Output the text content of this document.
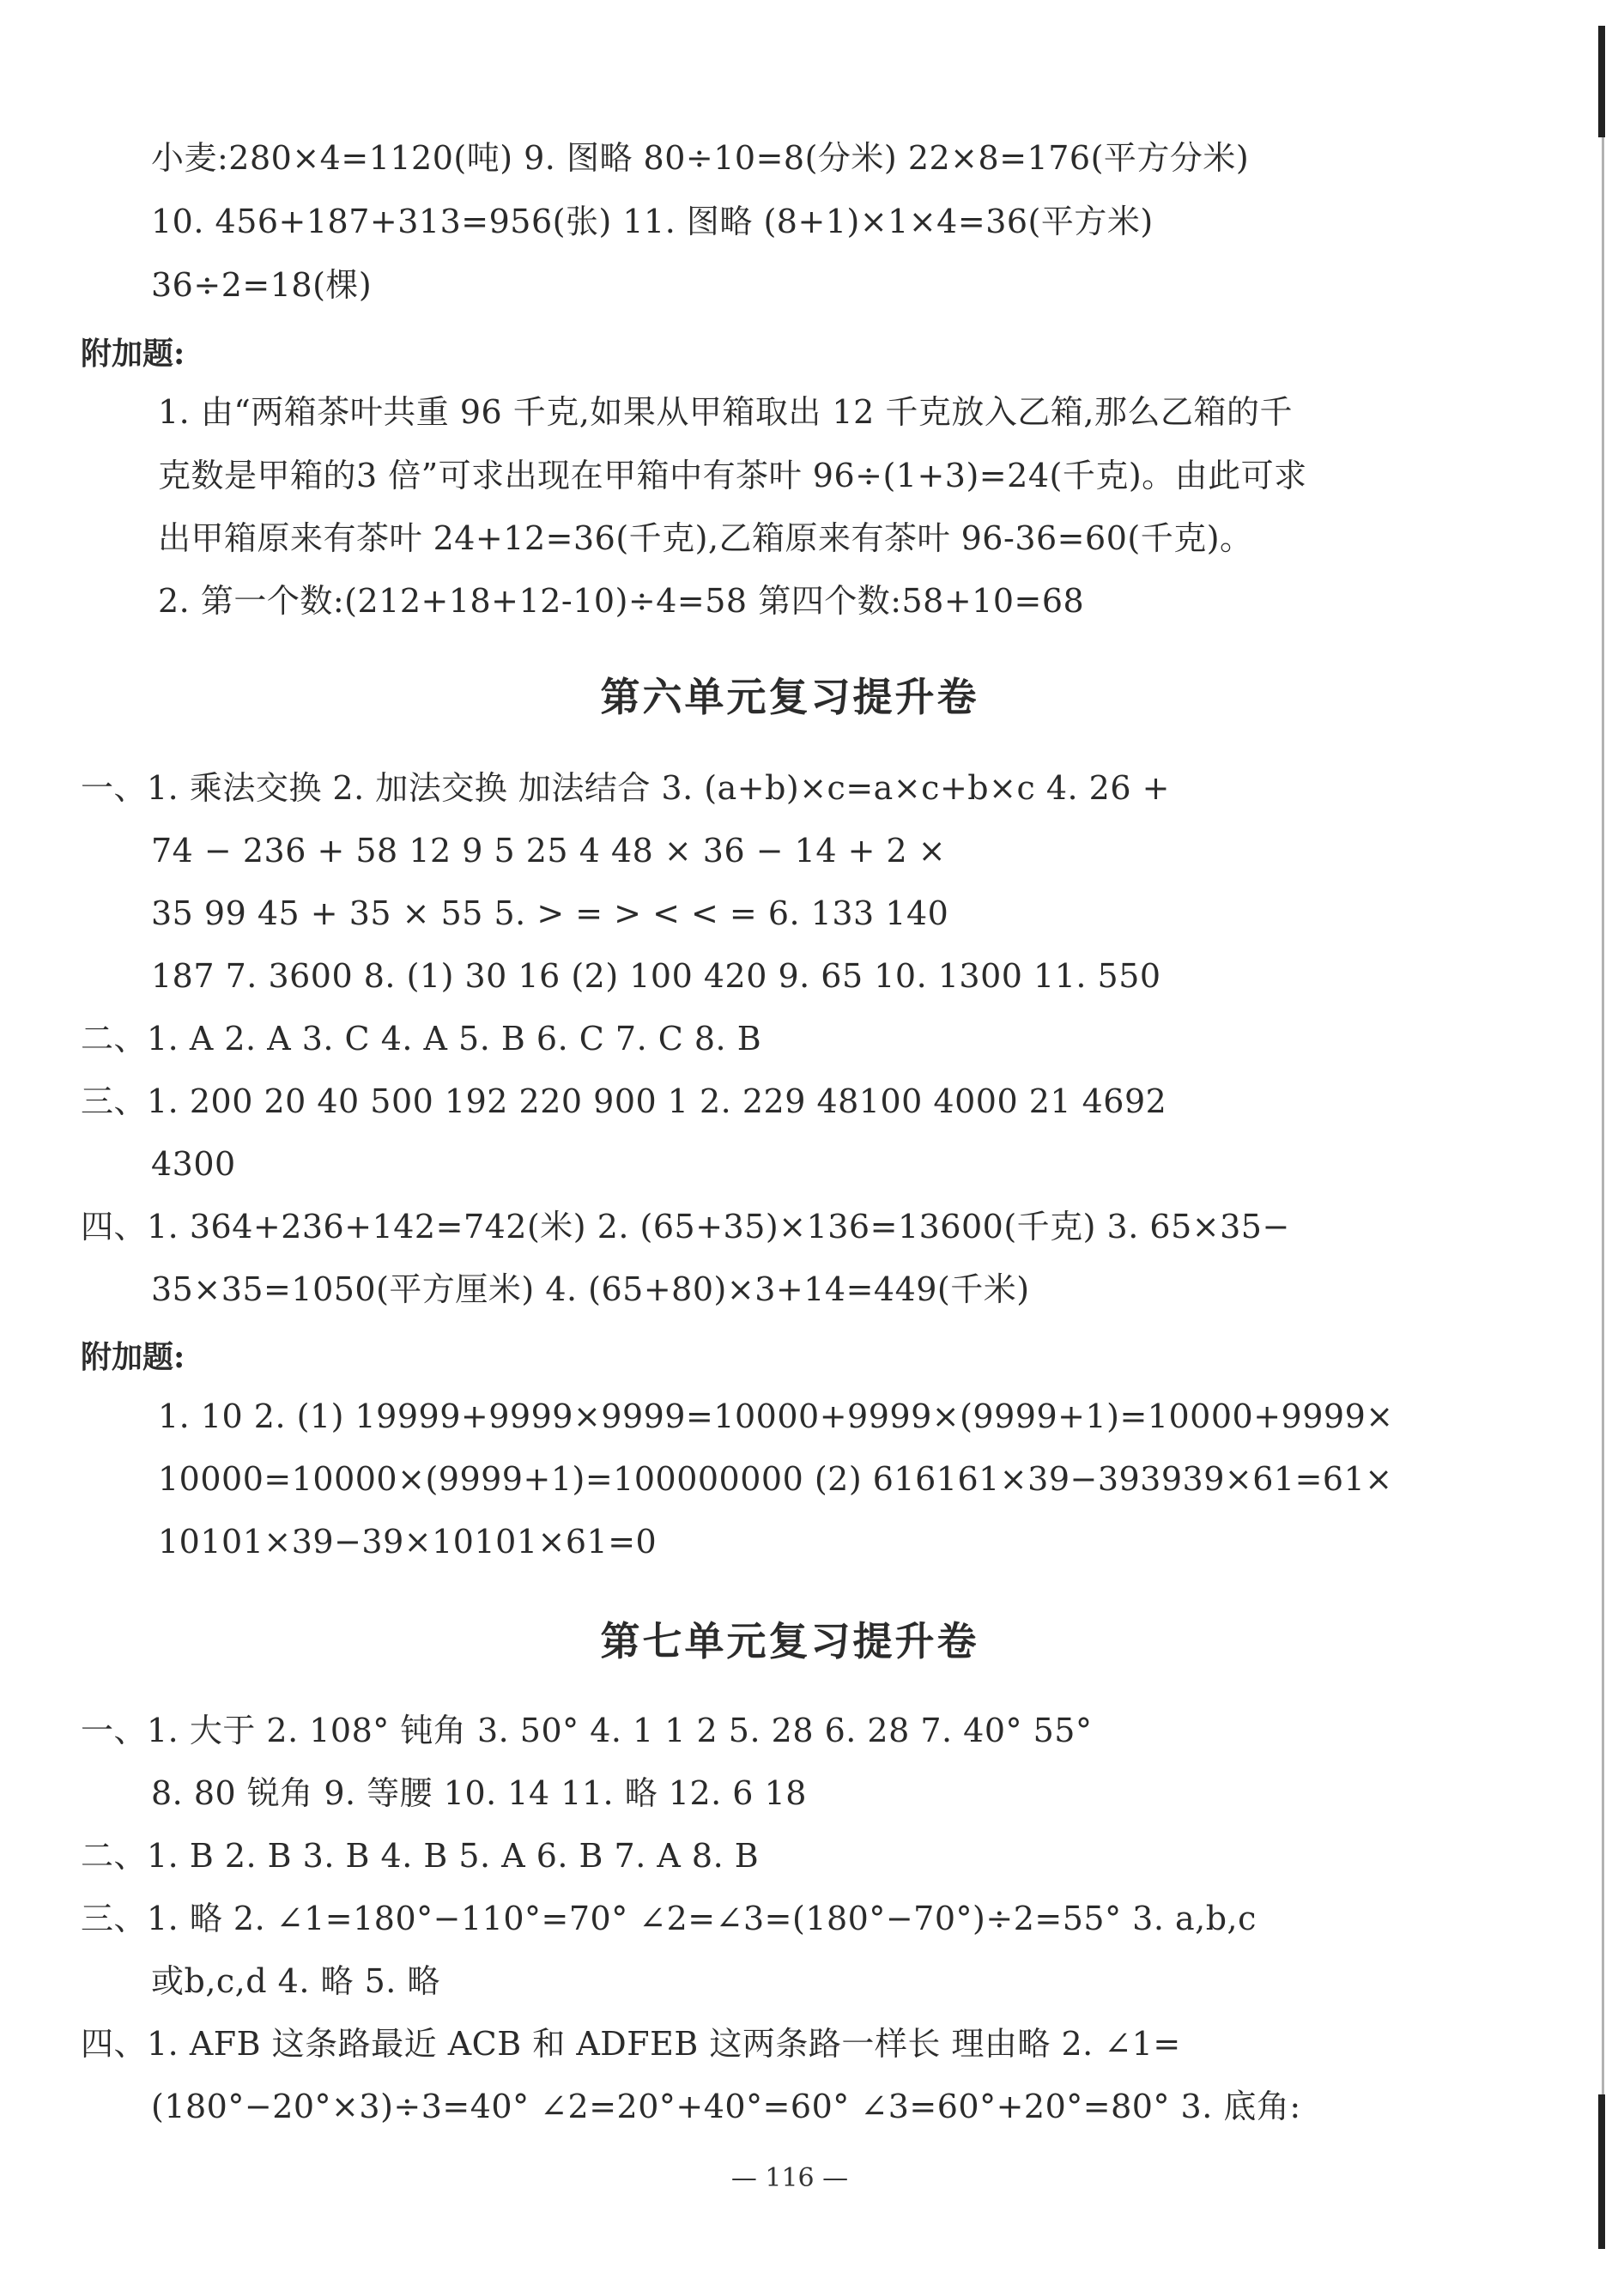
小麦:280×4=1120(吨) 9. 图略 80÷10=8(分米) 22×8=176(平方分米)
10. 456+187+313=956(张) 11. 图略 (8+1)×1×4=36(平方米)
36÷2=18(棵)
附加题:
1. 由“两箱茶叶共重 96 千克,如果从甲箱取出 12 千克放入乙箱,那么乙箱的千
克数是甲箱的3 倍”可求出现在甲箱中有茶叶 96÷(1+3)=24(千克)。由此可求
出甲箱原来有茶叶 24+12=36(千克),乙箱原来有茶叶 96-36=60(千克)。
2. 第一个数:(212+18+12-10)÷4=58 第四个数:58+10=68
第六单元复习提升卷
一、1. 乘法交换 2. 加法交换 加法结合 3. (a+b)×c=a×c+b×c 4. 26 +
74 − 236 + 58 12 9 5 25 4 48 × 36 − 14 + 2 ×
35 99 45 + 35 × 55 5. > = > < < = 6. 133 140
187 7. 3600 8. (1) 30 16 (2) 100 420 9. 65 10. 1300 11. 550
二、1. A 2. A 3. C 4. A 5. B 6. C 7. C 8. B
三、1. 200 20 40 500 192 220 900 1 2. 229 48100 4000 21 4692
4300
四、1. 364+236+142=742(米) 2. (65+35)×136=13600(千克) 3. 65×35−
35×35=1050(平方厘米) 4. (65+80)×3+14=449(千米)
附加题:
1. 10 2. (1) 19999+9999×9999=10000+9999×(9999+1)=10000+9999×
10000=10000×(9999+1)=100000000 (2) 616161×39−393939×61=61×
10101×39−39×10101×61=0
第七单元复习提升卷
一、1. 大于 2. 108° 钝角 3. 50° 4. 1 1 2 5. 28 6. 28 7. 40° 55°
8. 80 锐角 9. 等腰 10. 14 11. 略 12. 6 18
二、1. B 2. B 3. B 4. B 5. A 6. B 7. A 8. B
三、1. 略 2. ∠1=180°−110°=70° ∠2=∠3=(180°−70°)÷2=55° 3. a,b,c
或b,c,d 4. 略 5. 略
四、1. AFB 这条路最近 ACB 和 ADFEB 这两条路一样长 理由略 2. ∠1=
(180°−20°×3)÷3=40° ∠2=20°+40°=60° ∠3=60°+20°=80° 3. 底角:
— 116 —
